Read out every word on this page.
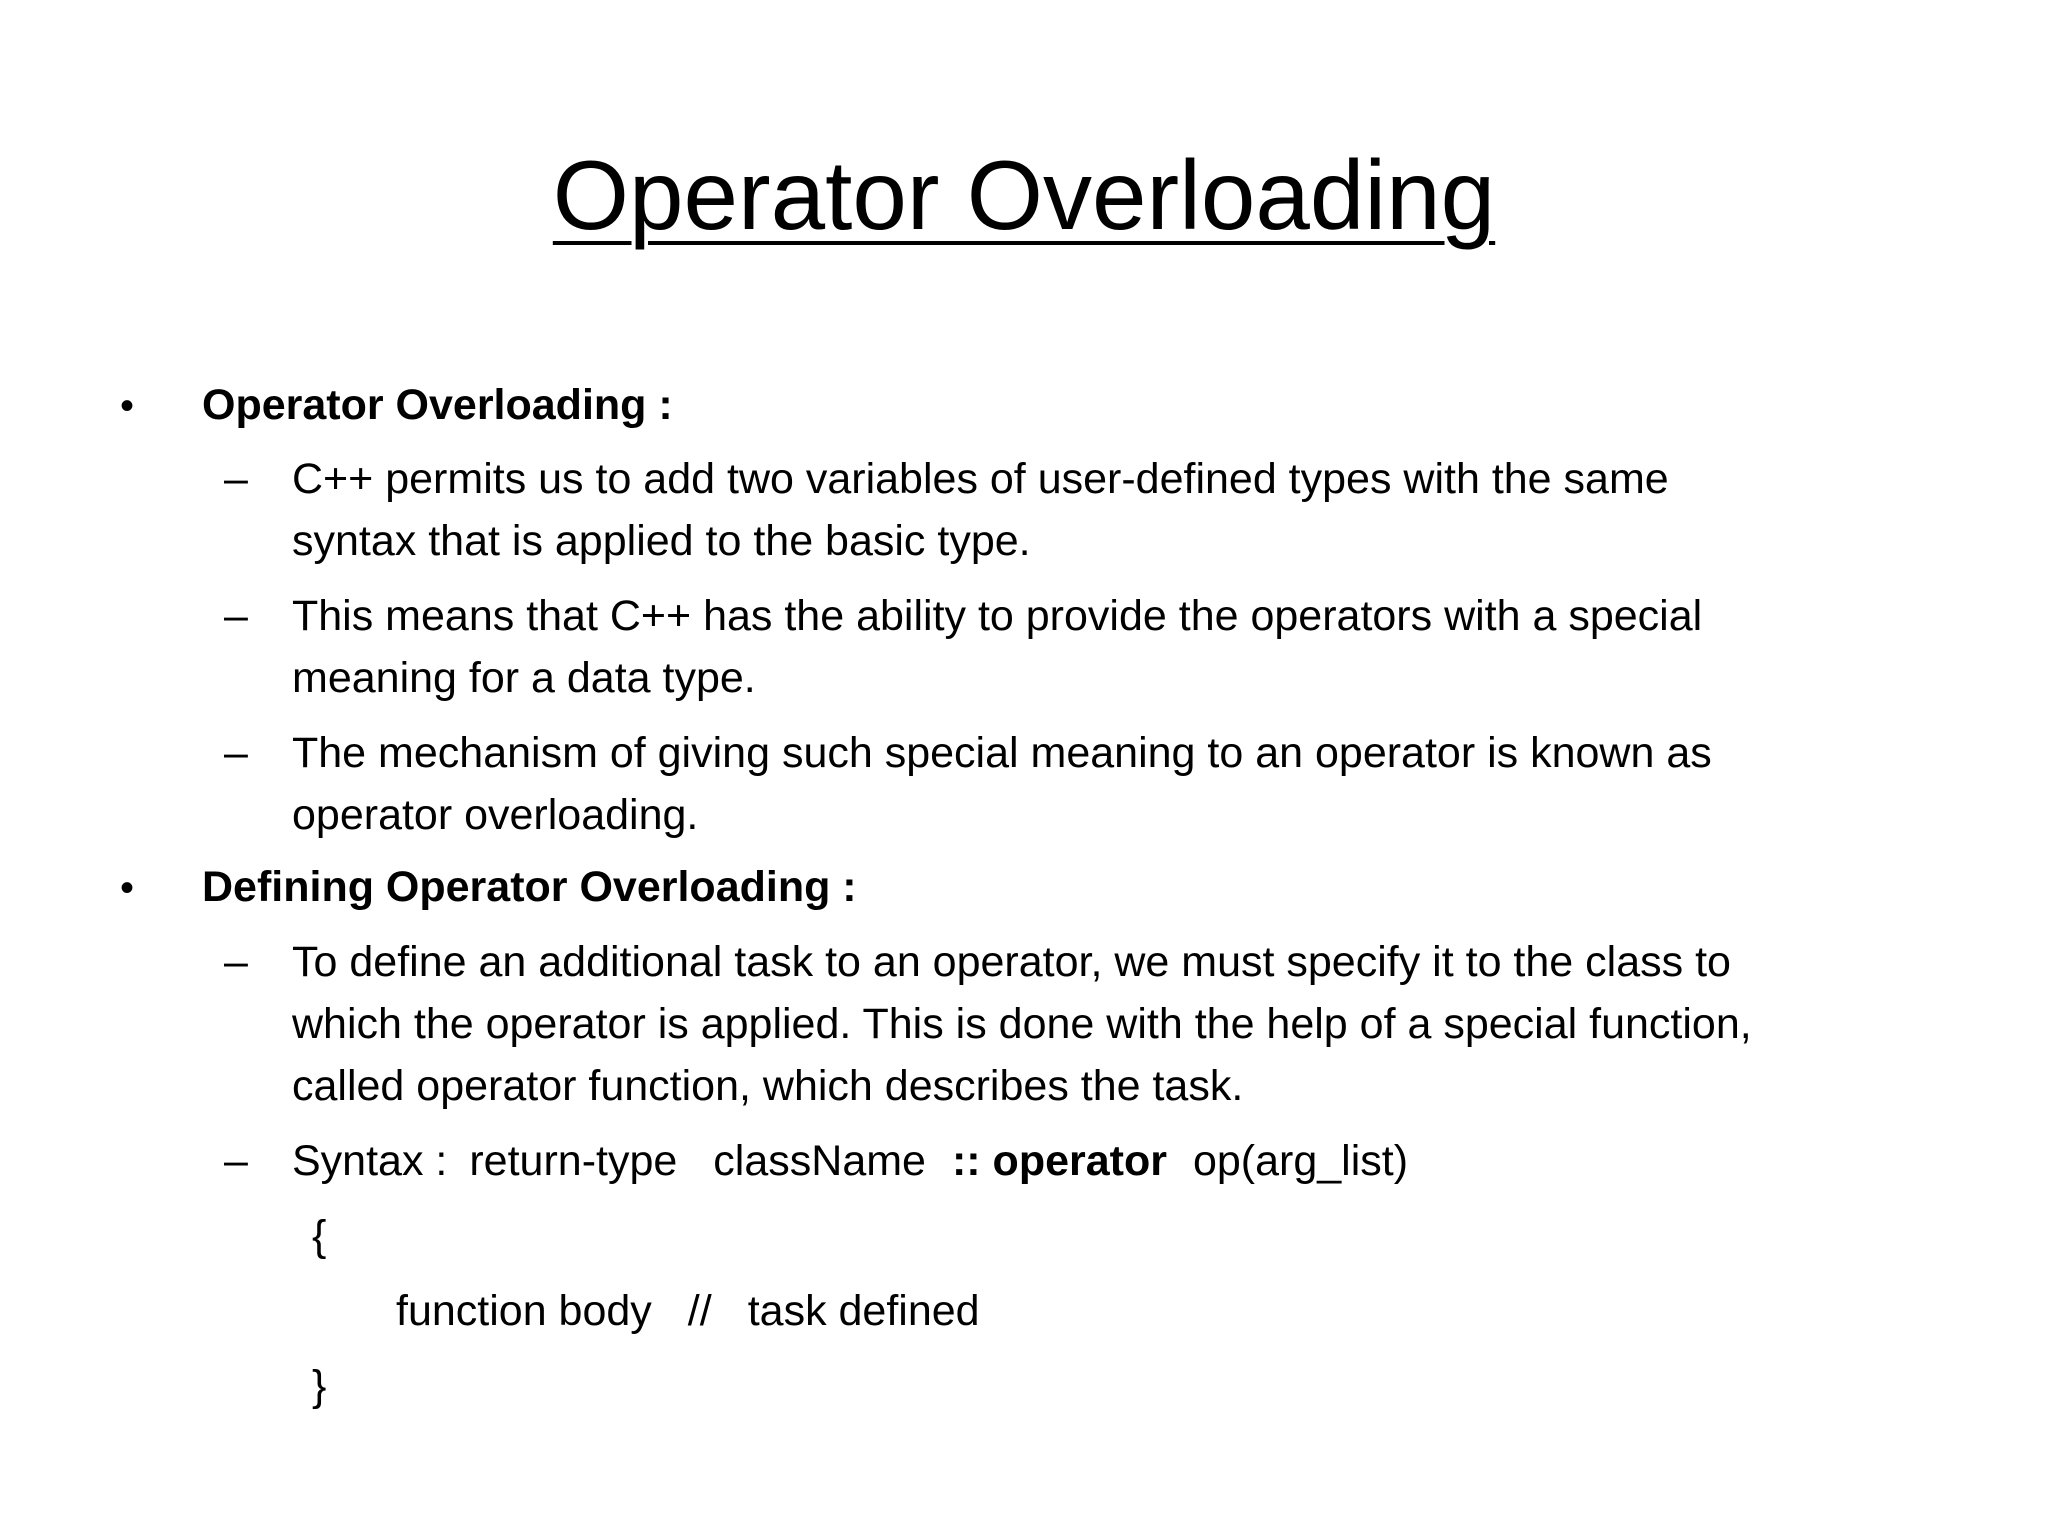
Operator Overloading
• Operator Overloading :
– C++ permits us to add two variables of user-defined types with the same
syntax that is applied to the basic type.
– This means that C++ has the ability to provide the operators with a special
meaning for a data type.
– The mechanism of giving such special meaning to an operator is known as
operator overloading.
• Defining Operator Overloading :
– To define an additional task to an operator, we must specify it to the class to
which the operator is applied. This is done with the help of a special function,
called operator function, which describes the task.
– Syntax : return-type className :: operator op(arg_list)
{
function body // task defined
}
